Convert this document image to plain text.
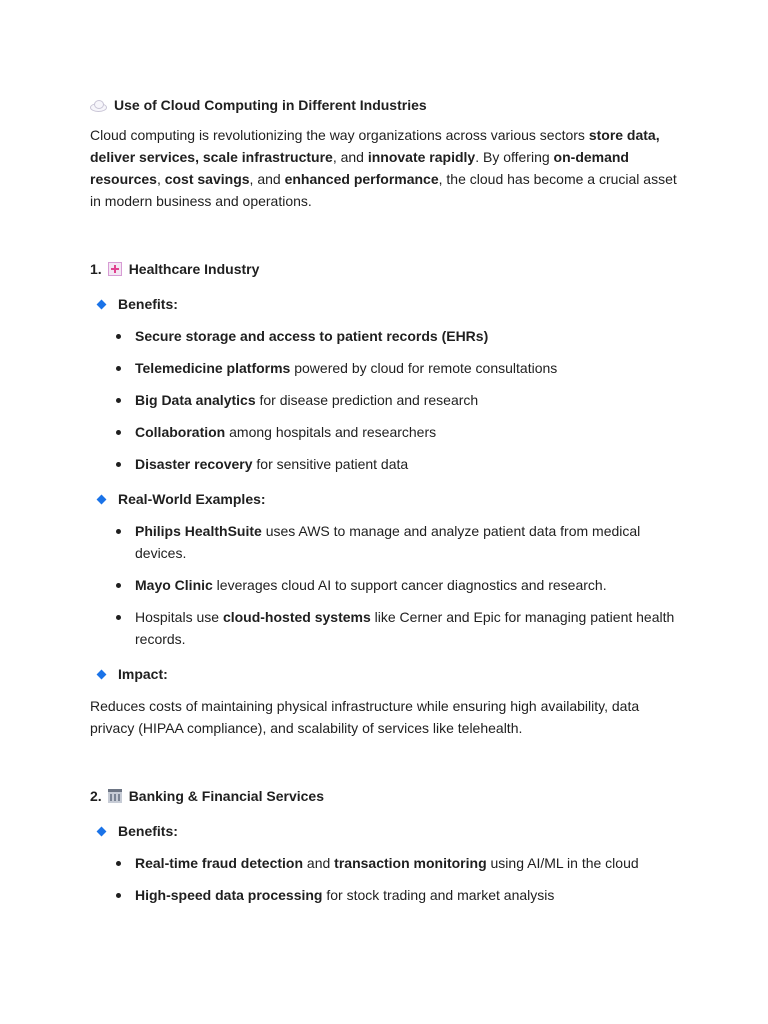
Use of Cloud Computing in Different Industries

Cloud computing is revolutionizing the way organizations across various sectors store data, deliver services, scale infrastructure, and innovate rapidly. By offering on-demand resources, cost savings, and enhanced performance, the cloud has become a crucial asset in modern business and operations.

1. Healthcare Industry
Benefits:
Secure storage and access to patient records (EHRs)
Telemedicine platforms powered by cloud for remote consultations
Big Data analytics for disease prediction and research
Collaboration among hospitals and researchers
Disaster recovery for sensitive patient data
Real-World Examples:
Philips HealthSuite uses AWS to manage and analyze patient data from medical devices.
Mayo Clinic leverages cloud AI to support cancer diagnostics and research.
Hospitals use cloud-hosted systems like Cerner and Epic for managing patient health records.
Impact:

Reduces costs of maintaining physical infrastructure while ensuring high availability, data privacy (HIPAA compliance), and scalability of services like telehealth.

2. Banking & Financial Services
Benefits:
Real-time fraud detection and transaction monitoring using AI/ML in the cloud
High-speed data processing for stock trading and market analysis
